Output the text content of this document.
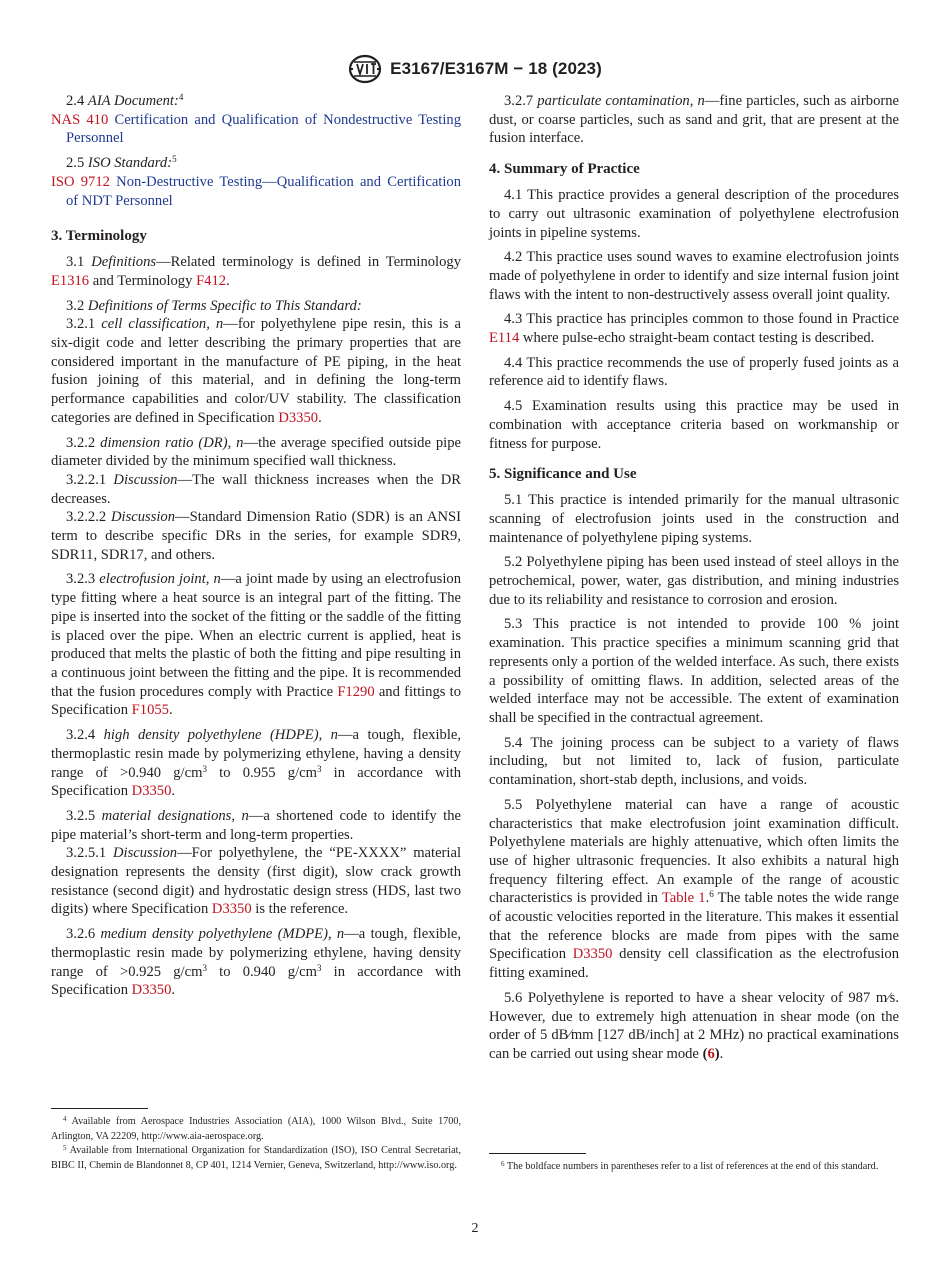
E3167/E3167M − 18 (2023)

2.4 AIA Document:$^4$

NAS 410 Certification and Qualification of Nondestructive Testing Personnel

2.5 ISO Standard:$^5$

ISO 9712 Non-Destructive Testing—Qualification and Certification of NDT Personnel
3. Terminology

3.1 Definitions—Related terminology is defined in Terminology E1316 and Terminology F412.

3.2 Definitions of Terms Specific to This Standard:

3.2.1 cell classification, n—for polyethylene pipe resin, this is a six-digit code and letter describing the primary properties that are considered important in the manufacture of PE piping, in the heat fusion joining of this material, and in defining the long-term performance capabilities and color/UV stability. The classification categories are defined in Specification D3350.

3.2.2 dimension ratio (DR), n—the average specified outside pipe diameter divided by the minimum specified wall thickness.

3.2.2.1 Discussion—The wall thickness increases when the DR decreases.

3.2.2.2 Discussion—Standard Dimension Ratio (SDR) is an ANSI term to describe specific DRs in the series, for example SDR9, SDR11, SDR17, and others.

3.2.3 electrofusion joint, n—a joint made by using an electrofusion type fitting where a heat source is an integral part of the fitting. The pipe is inserted into the socket of the fitting or the saddle of the fitting is placed over the pipe. When an electric current is applied, heat is produced that melts the plastic of both the fitting and pipe resulting in a continuous joint between the fitting and the pipe. It is recommended that the fusion procedures comply with Practice F1290 and fittings to Specification F1055.

3.2.4 high density polyethylene (HDPE), n—a tough, flexible, thermoplastic resin made by polymerizing ethylene, having a density range of >0.940 $g/cm^3$ to 0.955 $g/cm^3$ in accordance with Specification D3350.

3.2.5 material designations, n—a shortened code to identify the pipe material’s short-term and long-term properties.

3.2.5.1 Discussion—For polyethylene, the “PE-XXXX” material designation represents the density (first digit), slow crack growth resistance (second digit) and hydrostatic design stress (HDS, last two digits) where Specification D3350 is the reference.

3.2.6 medium density polyethylene (MDPE), n—a tough, flexible, thermoplastic resin made by polymerizing ethylene, having density range of >0.925 $g/cm^3$ to 0.940 $g/cm^3$ in accordance with Specification D3350.

$^4$ Available from Aerospace Industries Association (AIA), 1000 Wilson Blvd., Suite 1700, Arlington, VA 22209, http://www.aia-aerospace.org.

$^5$ Available from International Organization for Standardization (ISO), ISO Central Secretariat, BIBC II, Chemin de Blandonnet 8, CP 401, 1214 Vernier, Geneva, Switzerland, http://www.iso.org.

3.2.7 particulate contamination, n—fine particles, such as airborne dust, or coarse particles, such as sand and grit, that are present at the fusion interface.

4. Summary of Practice

4.1 This practice provides a general description of the procedures to carry out ultrasonic examination of polyethylene electrofusion joints in pipeline systems.

4.2 This practice uses sound waves to examine electrofusion joints made of polyethylene in order to identify and size internal fusion joint flaws with the intent to non-destructively assess overall joint quality.

4.3 This practice has principles common to those found in Practice E114 where pulse-echo straight-beam contact testing is described.

4.4 This practice recommends the use of properly fused joints as a reference aid to identify flaws.

4.5 Examination results using this practice may be used in combination with acceptance criteria based on workmanship or fitness for purpose.

5. Significance and Use

5.1 This practice is intended primarily for the manual ultrasonic scanning of electrofusion joints used in the construction and maintenance of polyethylene piping systems.

5.2 Polyethylene piping has been used instead of steel alloys in the petrochemical, power, water, gas distribution, and mining industries due to its reliability and resistance to corrosion and erosion.

5.3 This practice is not intended to provide 100 % joint examination. This practice specifies a minimum scanning grid that represents only a portion of the welded interface. As such, there exists a possibility of omitting flaws. In addition, selected areas of the welded interface may not be accessible. The extent of examination shall be specified in the contractual agreement.

5.4 The joining process can be subject to a variety of flaws including, but not limited to, lack of fusion, particulate contamination, short-stab depth, inclusions, and voids.

5.5 Polyethylene material can have a range of acoustic characteristics that make electrofusion joint examination difficult. Polyethylene materials are highly attenuative, which often limits the use of higher ultrasonic frequencies. It also exhibits a natural high frequency filtering effect. An example of the range of acoustic characteristics is provided in Table 1.$^6$ The table notes the wide range of acoustic velocities reported in the literature. This makes it essential that the reference blocks are made from pipes with the same Specification D3350 density cell classification as the electrofusion fitting examined.

5.6 Polyethylene is reported to have a shear velocity of 987 m⁄s. However, due to extremely high attenuation in shear mode (on the order of 5 dB⁄mm [127 dB/inch] at 2 MHz) no practical examinations can be carried out using shear mode (6).

$^6$ The boldface numbers in parentheses refer to a list of references at the end of this standard.

2
